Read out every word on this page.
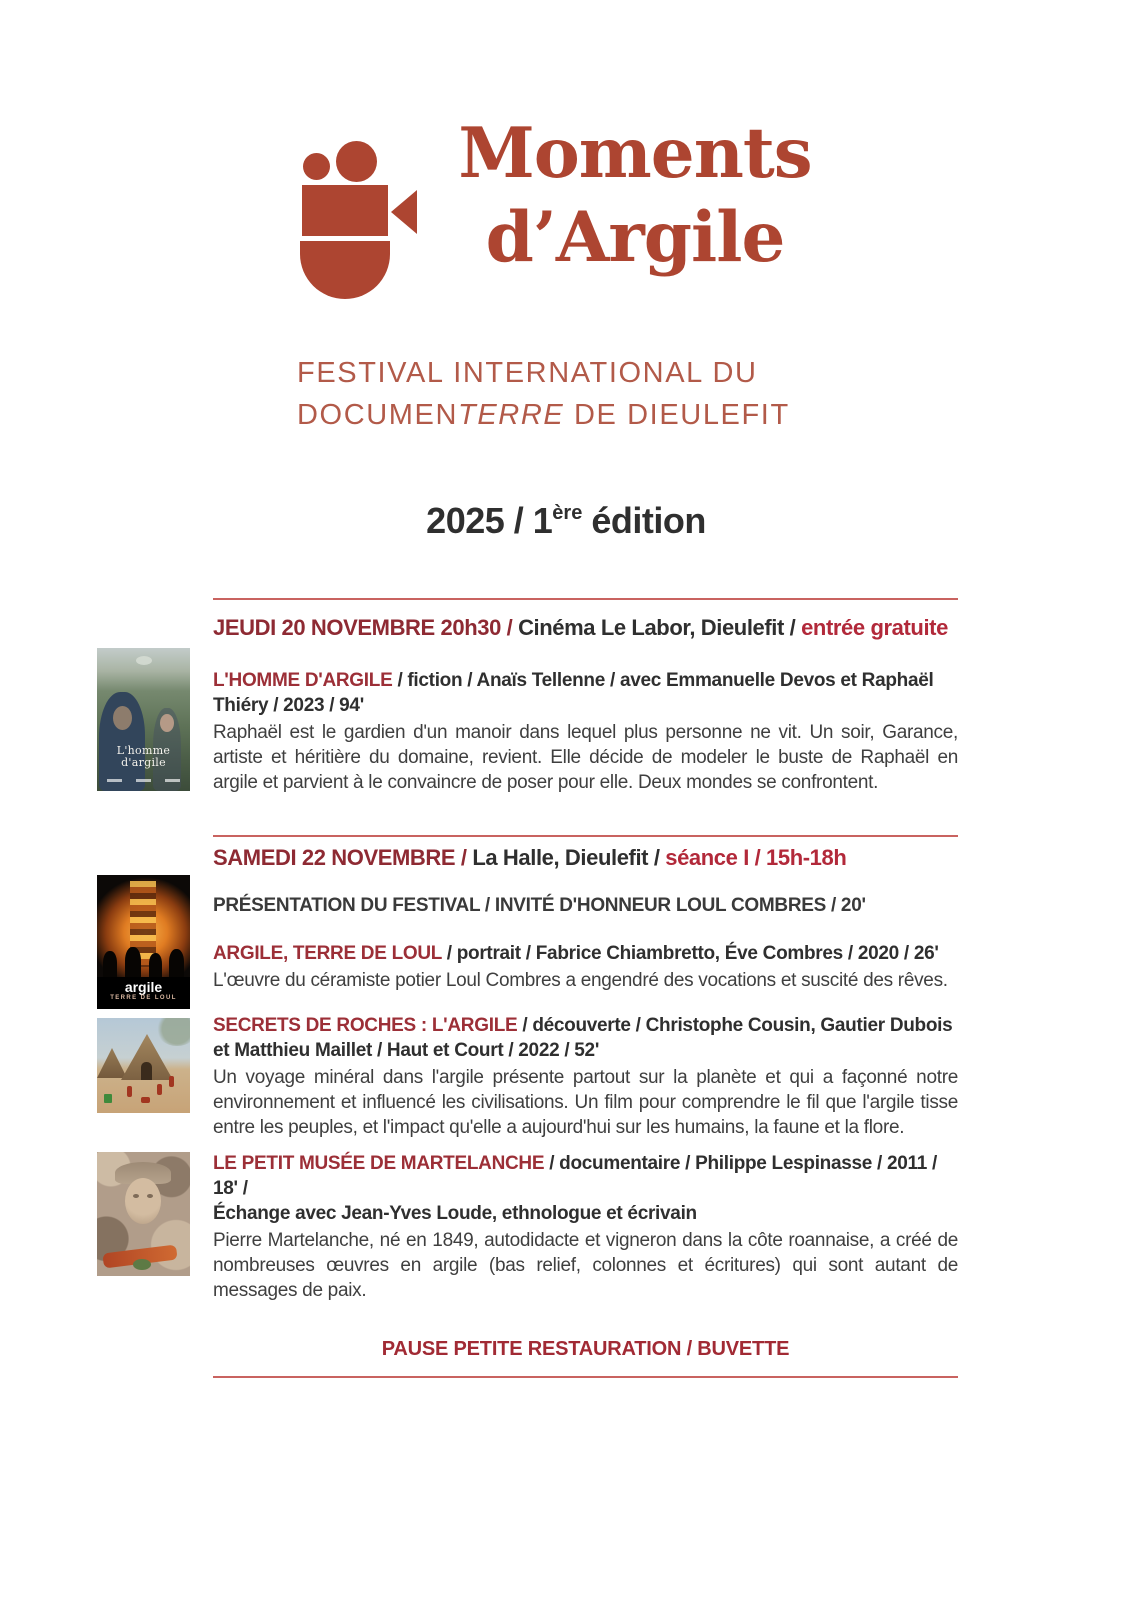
Moments
d’Argile
FESTIVAL INTERNATIONAL DU
DOCUMENTERRE DE DIEULEFIT
2025 / 1ère édition
JEUDI 20 NOVEMBRE 20h30 / Cinéma Le Labor, Dieulefit / entrée gratuite

L'HOMME D'ARGILE / fiction / Anaïs Tellenne / avec Emmanuelle Devos et Raphaël Thiéry / 2023 / 94'

Raphaël est le gardien d'un manoir dans lequel plus personne ne vit. Un soir, Garance, artiste et héritière du domaine, revient. Elle décide de modeler le buste de Raphaël en argile et parvient à le convaincre de poser pour elle. Deux mondes se confrontent.

SAMEDI 22 NOVEMBRE / La Halle, Dieulefit / séance I / 15h-18h
PRÉSENTATION DU FESTIVAL / INVITÉ D'HONNEUR LOUL COMBRES / 20'

ARGILE, TERRE DE LOUL / portrait / Fabrice Chiambretto, Éve Combres / 2020 / 26'

L'œuvre du céramiste potier Loul Combres a engendré des vocations et suscité des rêves.

SECRETS DE ROCHES : L'ARGILE / découverte / Christophe Cousin, Gautier Dubois et Matthieu Maillet / Haut et Court / 2022 / 52'

Un voyage minéral dans l'argile présente partout sur la planète et qui a façonné notre environnement et influencé les civilisations. Un film pour comprendre le fil que l'argile tisse entre les peuples, et l'impact qu'elle a aujourd'hui sur les humains, la faune et la flore.

LE PETIT MUSÉE DE MARTELANCHE / documentaire / Philippe Lespinasse / 2011 / 18' /
Échange avec Jean-Yves Loude, ethnologue et écrivain

Pierre Martelanche, né en 1849, autodidacte et vigneron dans la côte roannaise, a créé de nombreuses œuvres en argile (bas relief, colonnes et écritures) qui sont autant de messages de paix.

PAUSE PETITE RESTAURATION / BUVETTE
L'homme
d'argile
argile
TERRE DE LOUL
